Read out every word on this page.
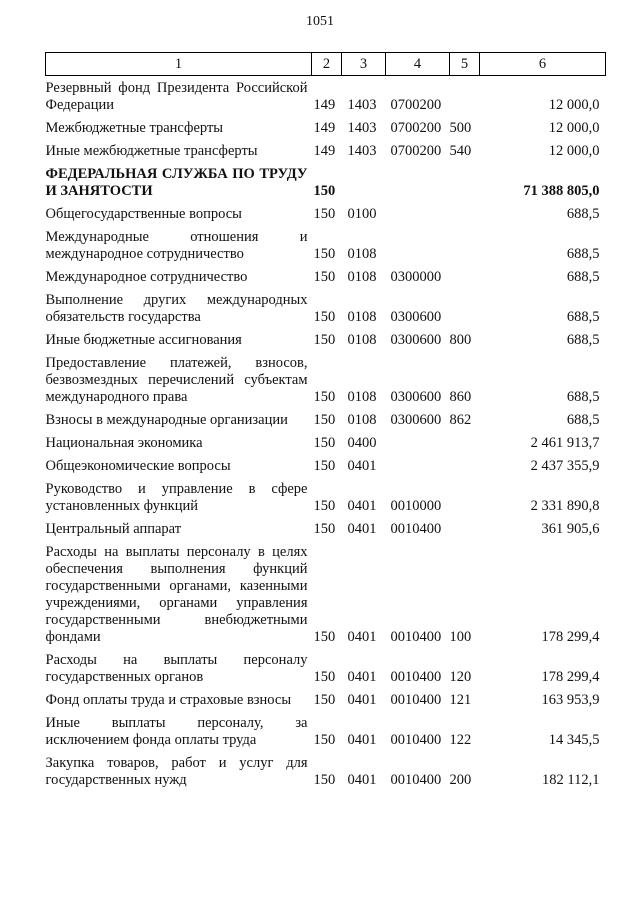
1051
1	2	3	4	5	6

Резервный фонд Президента Российской Федерации	149	1403	0700200		12 000,0
Межбюджетные трансферты	149	1403	0700200	500	12 000,0
Иные межбюджетные трансферты	149	1403	0700200	540	12 000,0
ФЕДЕРАЛЬНАЯ СЛУЖБА ПО ТРУДУ И ЗАНЯТОСТИ	150				71 388 805,0
Общегосударственные вопросы	150	0100			688,5
Международные отношения и международное сотрудничество	150	0108			688,5
Международное сотрудничество	150	0108	0300000		688,5
Выполнение других международных обязательств государства	150	0108	0300600		688,5
Иные бюджетные ассигнования	150	0108	0300600	800	688,5
Предоставление платежей, взносов, безвозмездных перечислений субъектам международного права	150	0108	0300600	860	688,5
Взносы в международные организации	150	0108	0300600	862	688,5
Национальная экономика	150	0400			2 461 913,7
Общеэкономические вопросы	150	0401			2 437 355,9
Руководство и управление в сфере установленных функций	150	0401	0010000		2 331 890,8
Центральный аппарат	150	0401	0010400		361 905,6
Расходы на выплаты персоналу в целях обеспечения выполнения функций государственными органами, казенными учреждениями, органами управления государственными внебюджетными фондами	150	0401	0010400	100	178 299,4
Расходы на выплаты персоналу государственных органов	150	0401	0010400	120	178 299,4
Фонд оплаты труда и страховые взносы	150	0401	0010400	121	163 953,9
Иные выплаты персоналу, за исключением фонда оплаты труда	150	0401	0010400	122	14 345,5
Закупка товаров, работ и услуг для государственных нужд	150	0401	0010400	200	182 112,1
